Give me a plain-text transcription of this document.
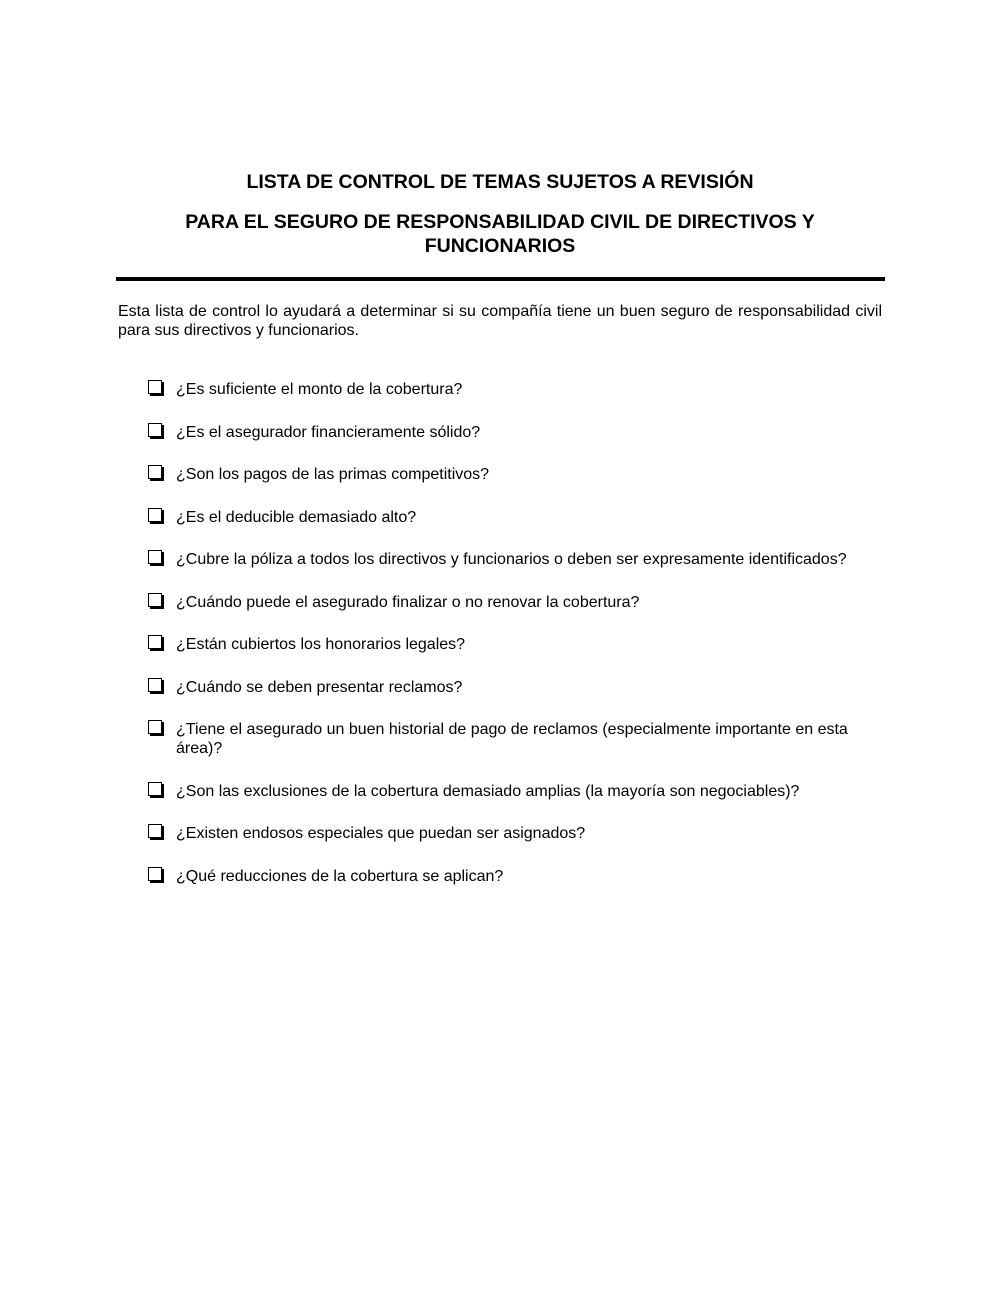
LISTA DE CONTROL DE TEMAS SUJETOS A REVISIÓN
PARA EL SEGURO DE RESPONSABILIDAD CIVIL DE DIRECTIVOS Y FUNCIONARIOS

Esta lista de control lo ayudará a determinar si su compañía tiene un buen seguro de responsabilidad civil para sus directivos y funcionarios.

¿Es suficiente el monto de la cobertura?
¿Es el asegurador financieramente sólido?
¿Son los pagos de las primas competitivos?
¿Es el deducible demasiado alto?
¿Cubre la póliza a todos los directivos y funcionarios o deben ser expresamente identificados?
¿Cuándo puede el asegurado finalizar o no renovar la cobertura?
¿Están cubiertos los honorarios legales?
¿Cuándo se deben presentar reclamos?
¿Tiene el asegurado un buen historial de pago de reclamos (especialmente importante en esta área)?
¿Son las exclusiones de la cobertura demasiado amplias (la mayoría son negociables)?
¿Existen endosos especiales que puedan ser asignados?
¿Qué reducciones de la cobertura se aplican?
